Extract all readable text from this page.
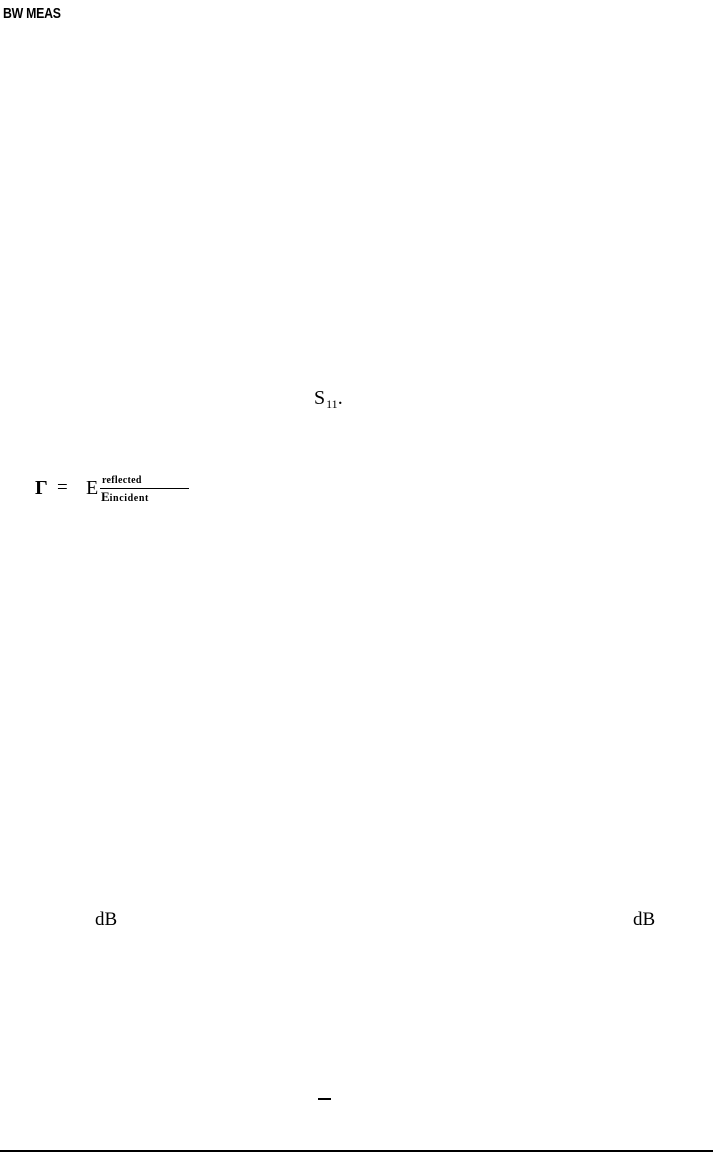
BW MEAS
$S_{11}$.
Γ = E reflected
Eincident
dB	dB
